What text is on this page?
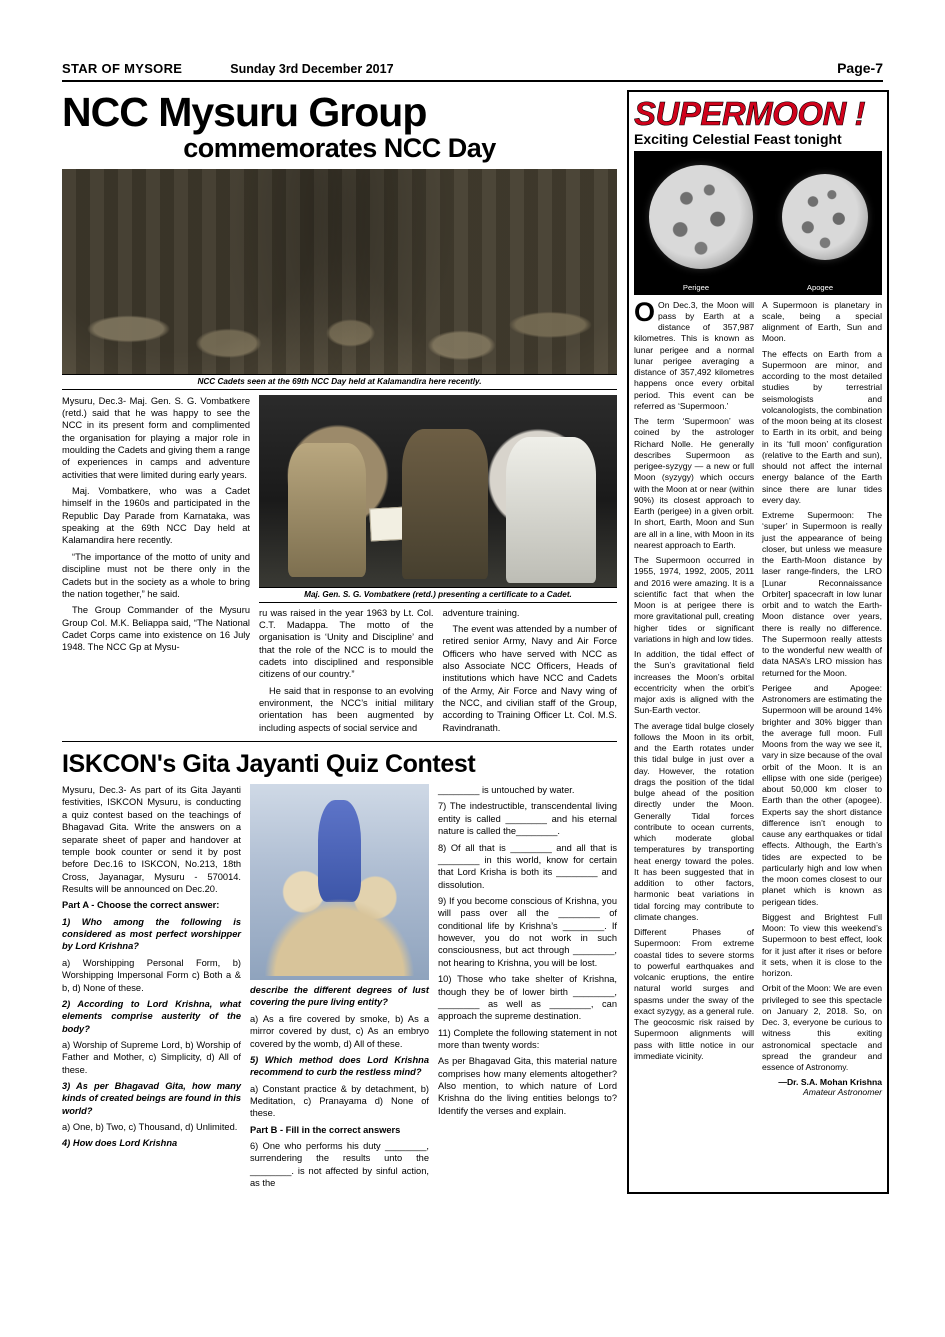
STAR OF MYSORE	Sunday 3rd December 2017	Page-7
NCC Mysuru Group
commemorates NCC Day
NCC Cadets seen at the 69th NCC Day held at Kalamandira here recently.

Mysuru, Dec.3- Maj. Gen. S. G. Vombatkere (retd.) said that he was happy to see the NCC in its present form and complimented the organisation for playing a major role in moulding the Cadets and giving them a range of experiences in camps and adventure activities that were limited during early years.

Maj. Vombatkere, who was a Cadet himself in the 1960s and participated in the Republic Day Parade from Karnataka, was speaking at the 69th NCC Day held at Kalamandira here recently.

“The importance of the motto of unity and discipline must not be there only in the Cadets but in the society as a whole to bring the nation together,” he said.

The Group Commander of the Mysuru Group Col. M.K. Beliappa said, “The National Cadet Corps came into existence on 16 July 1948. The NCC Gp at Mysu-

Maj. Gen. S. G. Vombatkere (retd.) presenting a certificate to a Cadet.

ru was raised in the year 1963 by Lt. Col. C.T. Madappa. The motto of the organisation is ‘Unity and Discipline’ and that the role of the NCC is to mould the cadets into disciplined and responsible citizens of our country.”

He said that in response to an evolving environment, the NCC’s initial military orientation has been augmented by including aspects of social service and

adventure training.

The event was attended by a number of retired senior Army, Navy and Air Force Officers who have served with NCC as also Associate NCC Officers, Heads of institutions which have NCC and Cadets of the Army, Air Force and Navy wing of the NCC, and civilian staff of the Group, according to Training Officer Lt. Col. M.S. Ravindranath.

ISKCON's Gita Jayanti Quiz Contest

Mysuru, Dec.3- As part of its Gita Jayanti festivities, ISKCON Mysuru, is conducting a quiz contest based on the teachings of Bhagavad Gita. Write the answers on a separate sheet of paper and handover at temple book counter or send it by post before Dec.16 to ISKCON, No.213, 18th Cross, Jayanagar, Mysuru - 570014. Results will be announced on Dec.20.

Part A - Choose the correct answer:

1) Who among the following is considered as most perfect worshipper by Lord Krishna?

a) Worshipping Personal Form, b) Worshipping Impersonal Form c) Both a & b, d) None of these.

2) According to Lord Krishna, what elements comprise austerity of the body?

a) Worship of Supreme Lord, b) Worship of Father and Mother, c) Simplicity, d) All of these.

3) As per Bhagavad Gita, how many kinds of created beings are found in this world?

a) One, b) Two, c) Thousand, d) Unlimited.

4) How does Lord Krishna

describe the different degrees of lust covering the pure living entity?

a) As a fire covered by smoke, b) As a mirror covered by dust, c) As an embryo covered by the womb, d) All of these.

5) Which method does Lord Krishna recommend to curb the restless mind?

a) Constant practice & by detachment, b) Meditation, c) Pranayama d) None of these.

Part B - Fill in the correct answers

6) One who performs his duty ________, surrendering the results unto the ________. is not affected by sinful action, as the

________ is untouched by water.

7) The indestructible, transcendental living entity is called ________ and his eternal nature is called the________.

8) Of all that is ________ and all that is ________ in this world, know for certain that Lord Krisha is both its ________ and dissolution.

9) If you become conscious of Krishna, you will pass over all the ________ of conditional life by Krishna’s ________. If however, you do not work in such consciousness, but act through ________, not hearing to Krishna, you will be lost.

10) Those who take shelter of Krishna, though they be of lower birth ________, ________ as well as ________, can approach the supreme destination.

11) Complete the following statement in not more than twenty words:

As per Bhagavad Gita, this material nature comprises how many elements altogether? Also mention, to which nature of Lord Krishna do the living entities belongs to? Identify the verses and explain.

SUPERMOON !
Exciting Celestial Feast tonight
Perigee	Apogee

O On Dec.3, the Moon will pass by Earth at a distance of 357,987 kilometres. This is known as lunar perigee and a normal lunar perigee averaging a distance of 357,492 kilometres happens once every orbital period. This event can be referred as ‘Supermoon.’

The term ‘Supermoon’ was coined by the astrologer Richard Nolle. He generally describes Supermoon as perigee-syzygy — a new or full Moon (syzygy) which occurs with the Moon at or near (within 90%) its closest approach to Earth (perigee) in a given orbit. In short, Earth, Moon and Sun are all in a line, with Moon in its nearest approach to Earth.

The Supermoon occurred in 1955, 1974, 1992, 2005, 2011 and 2016 were amazing. It is a scientific fact that when the Moon is at perigee there is more gravitational pull, creating higher tides or significant variations in high and low tides.

In addition, the tidal effect of the Sun’s gravitational field increases the Moon’s orbital eccentricity when the orbit’s major axis is aligned with the Sun-Earth vector.

The average tidal bulge closely follows the Moon in its orbit, and the Earth rotates under this tidal bulge in just over a day. However, the rotation drags the position of the tidal bulge ahead of the position directly under the Moon. Generally Tidal forces contribute to ocean currents, which moderate global temperatures by transporting heat energy toward the poles. It has been suggested that in addition to other factors, harmonic beat variations in tidal forcing may contribute to climate changes.

Different Phases of Supermoon: From extreme coastal tides to severe storms to powerful earthquakes and volcanic eruptions, the entire natural world surges and spasms under the sway of the exact syzygy, as a general rule. The geocosmic risk raised by Supermoon alignments will pass with little notice in our immediate vicinity.

A Supermoon is planetary in scale, being a special alignment of Earth, Sun and Moon.

The effects on Earth from a Supermoon are minor, and according to the most detailed studies by terrestrial seismologists and volcanologists, the combination of the moon being at its closest to Earth in its orbit, and being in its ‘full moon’ configuration (relative to the Earth and sun), should not affect the internal energy balance of the Earth since there are lunar tides every day.

Extreme Supermoon: The ‘super’ in Supermoon is really just the appearance of being closer, but unless we measure the Earth-Moon distance by laser range-finders, the LRO [Lunar Reconnaissance Orbiter] spacecraft in low lunar orbit and to watch the Earth-Moon distance over years, there is really no difference. The Supermoon really attests to the wonderful new wealth of data NASA’s LRO mission has returned for the Moon.

Perigee and Apogee: Astronomers are estimating the Supermoon will be around 14% brighter and 30% bigger than the average full moon. Full Moons from the way we see it, vary in size because of the oval orbit of the Moon. It is an ellipse with one side (perigee) about 50,000 km closer to Earth than the other (apogee). Experts say the short distance difference isn’t enough to cause any earthquakes or tidal effects. Although, the Earth’s tides are expected to be particularly high and low when the moon comes closest to our planet which is known as perigean tides.

Biggest and Brightest Full Moon: To view this weekend’s Supermoon to best effect, look for it just after it rises or before it sets, when it is close to the horizon.

Orbit of the Moon: We are even privileged to see this spectacle on January 2, 2018. So, on Dec. 3, everyone be curious to witness this exiting astronomical spectacle and spread the grandeur and essence of Astronomy.

—Dr. S.A. Mohan Krishna
Amateur Astronomer
